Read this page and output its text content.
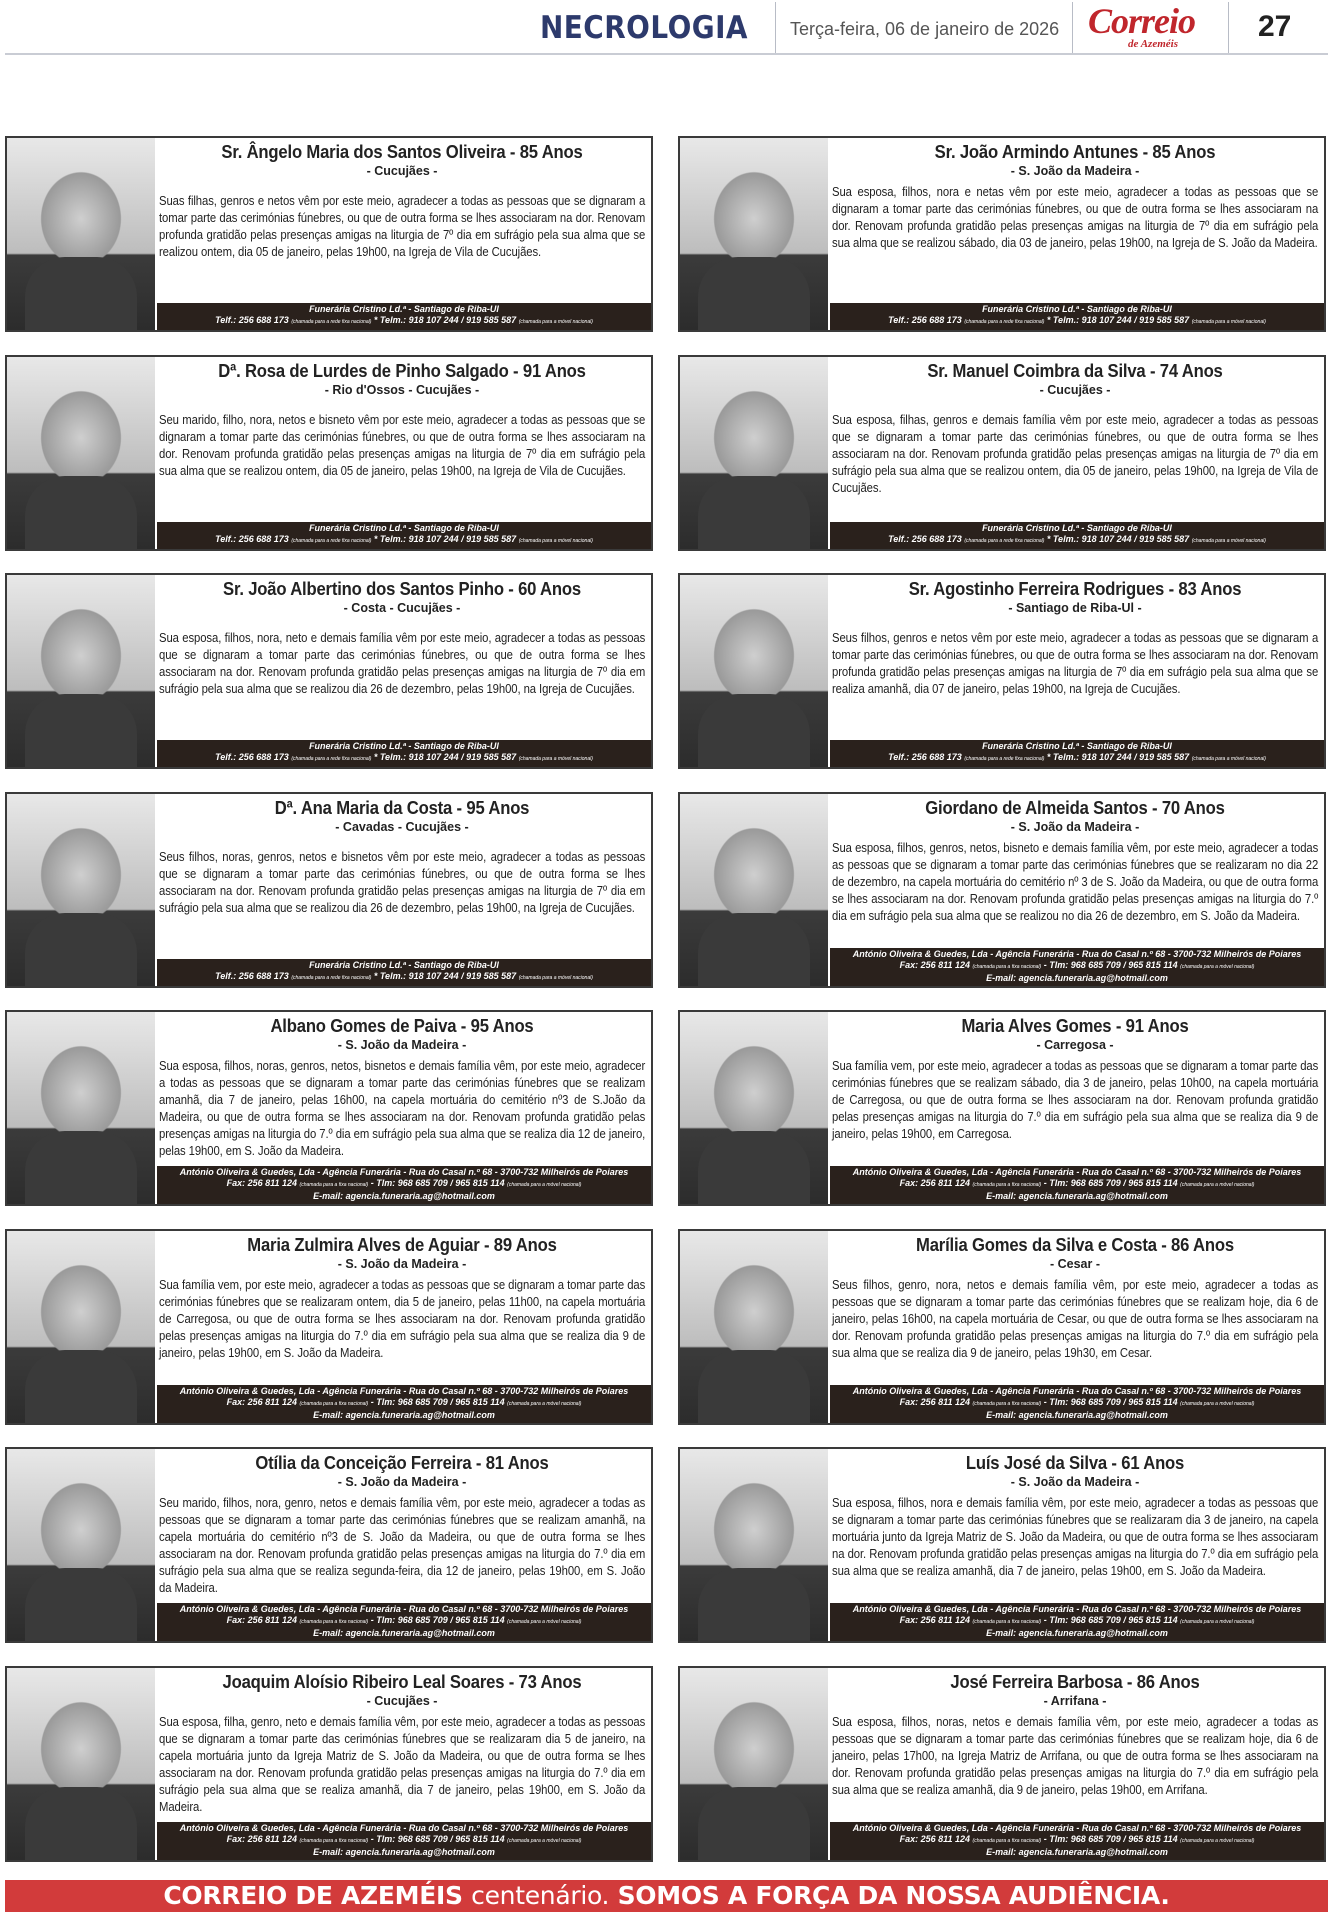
NECROLOGIA Terça-feira, 06 de janeiro de 2026 Correio
de Azeméis
27
Sr. Ângelo Maria dos Santos Oliveira - 85 Anos
- Cucujães -
Suas filhas, genros e netos vêm por este meio, agradecer a todas as pessoas que se dignaram a tomar parte das cerimónias fúnebres, ou que de outra forma se lhes associaram na dor. Renovam profunda gratidão pelas presenças amigas na liturgia de 7º dia em sufrágio pela sua alma que se realizou ontem, dia 05 de janeiro, pelas 19h00, na Igreja de Vila de Cucujães.
Funerária Cristino Ld.ª - Santiago de Riba-Ul
Telf.: 256 688 173 (chamada para a rede fixa nacional) * Telm.: 918 107 244 / 919 585 587 (chamada para a móvel nacional)
Sr. João Armindo Antunes - 85 Anos
- S. João da Madeira -
Sua esposa, filhos, nora e netas vêm por este meio, agradecer a todas as pessoas que se dignaram a tomar parte das cerimónias fúnebres, ou que de outra forma se lhes associaram na dor. Renovam profunda gratidão pelas presenças amigas na liturgia de 7º dia em sufrágio pela sua alma que se realizou sábado, dia 03 de janeiro, pelas 19h00, na Igreja de S. João da Madeira.
Funerária Cristino Ld.ª - Santiago de Riba-Ul
Telf.: 256 688 173 (chamada para a rede fixa nacional) * Telm.: 918 107 244 / 919 585 587 (chamada para a móvel nacional)
Dª. Rosa de Lurdes de Pinho Salgado - 91 Anos
- Rio d'Ossos - Cucujães -
Seu marido, filho, nora, netos e bisneto vêm por este meio, agradecer a todas as pessoas que se dignaram a tomar parte das cerimónias fúnebres, ou que de outra forma se lhes associaram na dor. Renovam profunda gratidão pelas presenças amigas na liturgia de 7º dia em sufrágio pela sua alma que se realizou ontem, dia 05 de janeiro, pelas 19h00, na Igreja de Vila de Cucujães.
Funerária Cristino Ld.ª - Santiago de Riba-Ul
Telf.: 256 688 173 (chamada para a rede fixa nacional) * Telm.: 918 107 244 / 919 585 587 (chamada para a móvel nacional)
Sr. Manuel Coimbra da Silva - 74 Anos
- Cucujães -
Sua esposa, filhas, genros e demais família vêm por este meio, agradecer a todas as pessoas que se dignaram a tomar parte das cerimónias fúnebres, ou que de outra forma se lhes associaram na dor. Renovam profunda gratidão pelas presenças amigas na liturgia de 7º dia em sufrágio pela sua alma que se realizou ontem, dia 05 de janeiro, pelas 19h00, na Igreja de Vila de Cucujães.
Funerária Cristino Ld.ª - Santiago de Riba-Ul
Telf.: 256 688 173 (chamada para a rede fixa nacional) * Telm.: 918 107 244 / 919 585 587 (chamada para a móvel nacional)
Sr. João Albertino dos Santos Pinho - 60 Anos
- Costa - Cucujães -
Sua esposa, filhos, nora, neto e demais família vêm por este meio, agradecer a todas as pessoas que se dignaram a tomar parte das cerimónias fúnebres, ou que de outra forma se lhes associaram na dor. Renovam profunda gratidão pelas presenças amigas na liturgia de 7º dia em sufrágio pela sua alma que se realizou dia 26 de dezembro, pelas 19h00, na Igreja de Cucujães.
Funerária Cristino Ld.ª - Santiago de Riba-Ul
Telf.: 256 688 173 (chamada para a rede fixa nacional) * Telm.: 918 107 244 / 919 585 587 (chamada para a móvel nacional)
Sr. Agostinho Ferreira Rodrigues - 83 Anos
- Santiago de Riba-Ul -
Seus filhos, genros e netos vêm por este meio, agradecer a todas as pessoas que se dignaram a tomar parte das cerimónias fúnebres, ou que de outra forma se lhes associaram na dor. Renovam profunda gratidão pelas presenças amigas na liturgia de 7º dia em sufrágio pela sua alma que se realiza amanhã, dia 07 de janeiro, pelas 19h00, na Igreja de Cucujães.
Funerária Cristino Ld.ª - Santiago de Riba-Ul
Telf.: 256 688 173 (chamada para a rede fixa nacional) * Telm.: 918 107 244 / 919 585 587 (chamada para a móvel nacional)
Dª. Ana Maria da Costa - 95 Anos
- Cavadas - Cucujães -
Seus filhos, noras, genros, netos e bisnetos vêm por este meio, agradecer a todas as pessoas que se dignaram a tomar parte das cerimónias fúnebres, ou que de outra forma se lhes associaram na dor. Renovam profunda gratidão pelas presenças amigas na liturgia de 7º dia em sufrágio pela sua alma que se realizou dia 26 de dezembro, pelas 19h00, na Igreja de Cucujães.
Funerária Cristino Ld.ª - Santiago de Riba-Ul
Telf.: 256 688 173 (chamada para a rede fixa nacional) * Telm.: 918 107 244 / 919 585 587 (chamada para a móvel nacional)
Giordano de Almeida Santos - 70 Anos
- S. João da Madeira -
Sua esposa, filhos, genros, netos, bisneto e demais família vêm, por este meio, agradecer a todas as pessoas que se dignaram a tomar parte das cerimónias fúnebres que se realizaram no dia 22 de dezembro, na capela mortuária do cemitério nº 3 de S. João da Madeira, ou que de outra forma se lhes associaram na dor. Renovam profunda gratidão pelas presenças amigas na liturgia do 7.º dia em sufrágio pela sua alma que se realizou no dia 26 de dezembro, em S. João da Madeira.
António Oliveira & Guedes, Lda - Agência Funerária - Rua do Casal n.º 68 - 3700-732 Milheirós de Poiares
Fax: 256 811 124 (chamada para a fixa nacional) - Tlm: 968 685 709 / 965 815 114 (chamada para a móvel nacional)
E-mail: agencia.funeraria.ag@hotmail.com
Albano Gomes de Paiva - 95 Anos
- S. João da Madeira -
Sua esposa, filhos, noras, genros, netos, bisnetos e demais família vêm, por este meio, agradecer a todas as pessoas que se dignaram a tomar parte das cerimónias fúnebres que se realizam amanhã, dia 7 de janeiro, pelas 16h00, na capela mortuária do cemitério nº3 de S.João da Madeira, ou que de outra forma se lhes associaram na dor. Renovam profunda gratidão pelas presenças amigas na liturgia do 7.º dia em sufrágio pela sua alma que se realiza dia 12 de janeiro, pelas 19h00, em S. João da Madeira.
António Oliveira & Guedes, Lda - Agência Funerária - Rua do Casal n.º 68 - 3700-732 Milheirós de Poiares
Fax: 256 811 124 (chamada para a fixa nacional) - Tlm: 968 685 709 / 965 815 114 (chamada para a móvel nacional)
E-mail: agencia.funeraria.ag@hotmail.com
Maria Alves Gomes - 91 Anos
- Carregosa -
Sua família vem, por este meio, agradecer a todas as pessoas que se dignaram a tomar parte das cerimónias fúnebres que se realizam sábado, dia 3 de janeiro, pelas 10h00, na capela mortuária de Carregosa, ou que de outra forma se lhes associaram na dor. Renovam profunda gratidão pelas presenças amigas na liturgia do 7.º dia em sufrágio pela sua alma que se realiza dia 9 de janeiro, pelas 19h00, em Carregosa.
António Oliveira & Guedes, Lda - Agência Funerária - Rua do Casal n.º 68 - 3700-732 Milheirós de Poiares
Fax: 256 811 124 (chamada para a fixa nacional) - Tlm: 968 685 709 / 965 815 114 (chamada para a móvel nacional)
E-mail: agencia.funeraria.ag@hotmail.com
Maria Zulmira Alves de Aguiar - 89 Anos
- S. João da Madeira -
Sua família vem, por este meio, agradecer a todas as pessoas que se dignaram a tomar parte das cerimónias fúnebres que se realizaram ontem, dia 5 de janeiro, pelas 11h00, na capela mortuária de Carregosa, ou que de outra forma se lhes associaram na dor. Renovam profunda gratidão pelas presenças amigas na liturgia do 7.º dia em sufrágio pela sua alma que se realiza dia 9 de janeiro, pelas 19h00, em S. João da Madeira.
António Oliveira & Guedes, Lda - Agência Funerária - Rua do Casal n.º 68 - 3700-732 Milheirós de Poiares
Fax: 256 811 124 (chamada para a fixa nacional) - Tlm: 968 685 709 / 965 815 114 (chamada para a móvel nacional)
E-mail: agencia.funeraria.ag@hotmail.com
Marília Gomes da Silva e Costa - 86 Anos
- Cesar -
Seus filhos, genro, nora, netos e demais família vêm, por este meio, agradecer a todas as pessoas que se dignaram a tomar parte das cerimónias fúnebres que se realizam hoje, dia 6 de janeiro, pelas 16h00, na capela mortuária de Cesar, ou que de outra forma se lhes associaram na dor. Renovam profunda gratidão pelas presenças amigas na liturgia do 7.º dia em sufrágio pela sua alma que se realiza dia 9 de janeiro, pelas 19h30, em Cesar.
António Oliveira & Guedes, Lda - Agência Funerária - Rua do Casal n.º 68 - 3700-732 Milheirós de Poiares
Fax: 256 811 124 (chamada para a fixa nacional) - Tlm: 968 685 709 / 965 815 114 (chamada para a móvel nacional)
E-mail: agencia.funeraria.ag@hotmail.com
Otília da Conceição Ferreira - 81 Anos
- S. João da Madeira -
Seu marido, filhos, nora, genro, netos e demais família vêm, por este meio, agradecer a todas as pessoas que se dignaram a tomar parte das cerimónias fúnebres que se realizam amanhã, na capela mortuária do cemitério nº3 de S. João da Madeira, ou que de outra forma se lhes associaram na dor. Renovam profunda gratidão pelas presenças amigas na liturgia do 7.º dia em sufrágio pela sua alma que se realiza segunda-feira, dia 12 de janeiro, pelas 19h00, em S. João da Madeira.
António Oliveira & Guedes, Lda - Agência Funerária - Rua do Casal n.º 68 - 3700-732 Milheirós de Poiares
Fax: 256 811 124 (chamada para a fixa nacional) - Tlm: 968 685 709 / 965 815 114 (chamada para a móvel nacional)
E-mail: agencia.funeraria.ag@hotmail.com
Luís José da Silva - 61 Anos
- S. João da Madeira -
Sua esposa, filhos, nora e demais família vêm, por este meio, agradecer a todas as pessoas que se dignaram a tomar parte das cerimónias fúnebres que se realizaram dia 3 de janeiro, na capela mortuária junto da Igreja Matriz de S. João da Madeira, ou que de outra forma se lhes associaram na dor. Renovam profunda gratidão pelas presenças amigas na liturgia do 7.º dia em sufrágio pela sua alma que se realiza amanhã, dia 7 de janeiro, pelas 19h00, em S. João da Madeira.
António Oliveira & Guedes, Lda - Agência Funerária - Rua do Casal n.º 68 - 3700-732 Milheirós de Poiares
Fax: 256 811 124 (chamada para a fixa nacional) - Tlm: 968 685 709 / 965 815 114 (chamada para a móvel nacional)
E-mail: agencia.funeraria.ag@hotmail.com
Joaquim Aloísio Ribeiro Leal Soares - 73 Anos
- Cucujães -
Sua esposa, filha, genro, neto e demais família vêm, por este meio, agradecer a todas as pessoas que se dignaram a tomar parte das cerimónias fúnebres que se realizaram dia 5 de janeiro, na capela mortuária junto da Igreja Matriz de S. João da Madeira, ou que de outra forma se lhes associaram na dor. Renovam profunda gratidão pelas presenças amigas na liturgia do 7.º dia em sufrágio pela sua alma que se realiza amanhã, dia 7 de janeiro, pelas 19h00, em S. João da Madeira.
António Oliveira & Guedes, Lda - Agência Funerária - Rua do Casal n.º 68 - 3700-732 Milheirós de Poiares
Fax: 256 811 124 (chamada para a fixa nacional) - Tlm: 968 685 709 / 965 815 114 (chamada para a móvel nacional)
E-mail: agencia.funeraria.ag@hotmail.com
José Ferreira Barbosa - 86 Anos
- Arrifana -
Sua esposa, filhos, noras, netos e demais família vêm, por este meio, agradecer a todas as pessoas que se dignaram a tomar parte das cerimónias fúnebres que se realizam hoje, dia 6 de janeiro, pelas 17h00, na Igreja Matriz de Arrifana, ou que de outra forma se lhes associaram na dor. Renovam profunda gratidão pelas presenças amigas na liturgia do 7.º dia em sufrágio pela sua alma que se realiza amanhã, dia 9 de janeiro, pelas 19h00, em Arrifana.
António Oliveira & Guedes, Lda - Agência Funerária - Rua do Casal n.º 68 - 3700-732 Milheirós de Poiares
Fax: 256 811 124 (chamada para a fixa nacional) - Tlm: 968 685 709 / 965 815 114 (chamada para a móvel nacional)
E-mail: agencia.funeraria.ag@hotmail.com
CORREIO DE AZEMÉIS centenário. SOMOS A FORÇA DA NOSSA AUDIÊNCIA.
